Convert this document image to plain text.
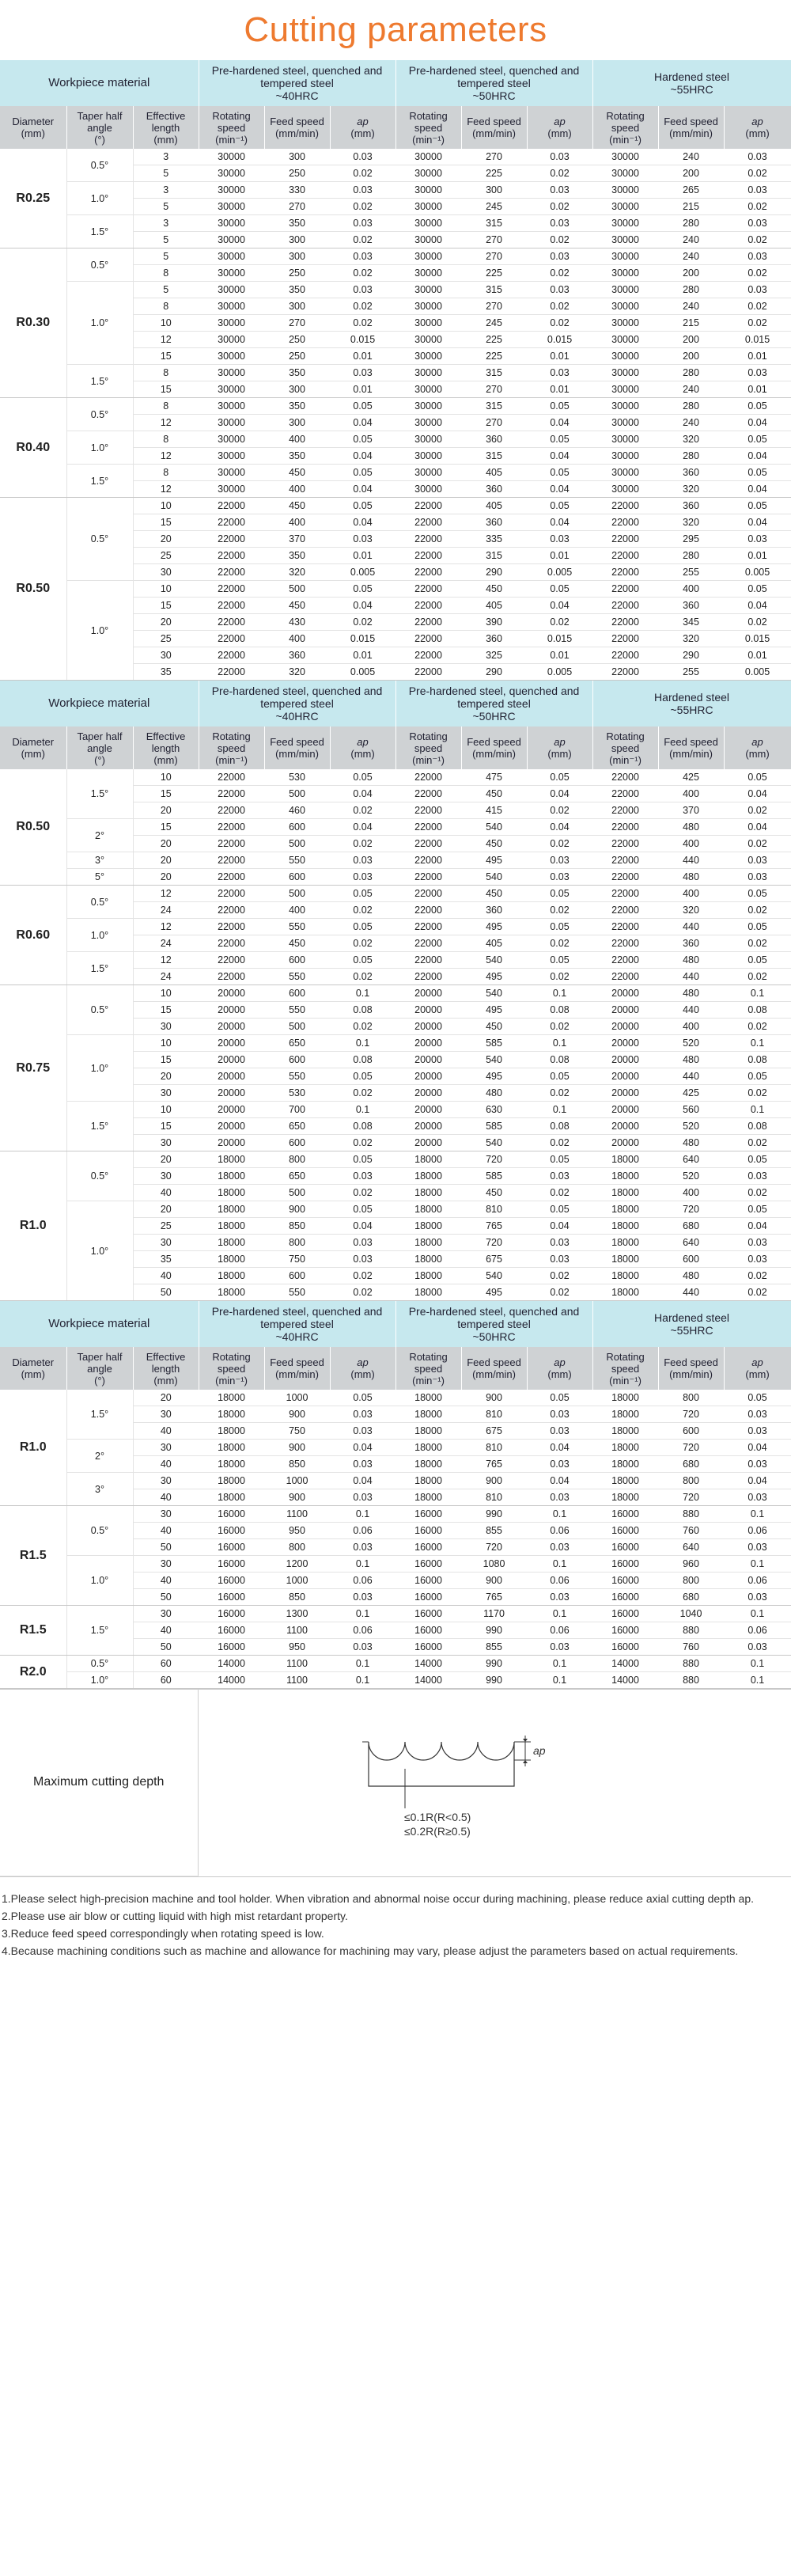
Cutting parameters
Workpiece material			Pre-hardened steel, quenched and
tempered steel
~40HRC			Pre-hardened steel, quenched and
tempered steel
~50HRC			Hardened steel
~55HRC		
Diameter
(mm)	Taper half
angle
(°)	Effective
length
(mm)	Rotating
speed
(min⁻¹)	Feed speed
(mm/min)	ap
(mm)	Rotating
speed
(min⁻¹)	Feed speed
(mm/min)	ap
(mm)	Rotating
speed
(min⁻¹)	Feed speed
(mm/min)	ap
(mm)
R0.25	0.5°	3	30000	300	0.03	30000	270	0.03	30000	240	0.03
		5	30000	250	0.02	30000	225	0.02	30000	200	0.02
	1.0°	3	30000	330	0.03	30000	300	0.03	30000	265	0.03
		5	30000	270	0.02	30000	245	0.02	30000	215	0.02
	1.5°	3	30000	350	0.03	30000	315	0.03	30000	280	0.03
		5	30000	300	0.02	30000	270	0.02	30000	240	0.02
R0.30	0.5°	5	30000	300	0.03	30000	270	0.03	30000	240	0.03
		8	30000	250	0.02	30000	225	0.02	30000	200	0.02
	1.0°	5	30000	350	0.03	30000	315	0.03	30000	280	0.03
		8	30000	300	0.02	30000	270	0.02	30000	240	0.02
		10	30000	270	0.02	30000	245	0.02	30000	215	0.02
		12	30000	250	0.015	30000	225	0.015	30000	200	0.015
		15	30000	250	0.01	30000	225	0.01	30000	200	0.01
	1.5°	8	30000	350	0.03	30000	315	0.03	30000	280	0.03
		15	30000	300	0.01	30000	270	0.01	30000	240	0.01
R0.40	0.5°	8	30000	350	0.05	30000	315	0.05	30000	280	0.05
		12	30000	300	0.04	30000	270	0.04	30000	240	0.04
	1.0°	8	30000	400	0.05	30000	360	0.05	30000	320	0.05
		12	30000	350	0.04	30000	315	0.04	30000	280	0.04
	1.5°	8	30000	450	0.05	30000	405	0.05	30000	360	0.05
		12	30000	400	0.04	30000	360	0.04	30000	320	0.04
R0.50	0.5°	10	22000	450	0.05	22000	405	0.05	22000	360	0.05
		15	22000	400	0.04	22000	360	0.04	22000	320	0.04
		20	22000	370	0.03	22000	335	0.03	22000	295	0.03
		25	22000	350	0.01	22000	315	0.01	22000	280	0.01
		30	22000	320	0.005	22000	290	0.005	22000	255	0.005
	1.0°	10	22000	500	0.05	22000	450	0.05	22000	400	0.05
		15	22000	450	0.04	22000	405	0.04	22000	360	0.04
		20	22000	430	0.02	22000	390	0.02	22000	345	0.02
		25	22000	400	0.015	22000	360	0.015	22000	320	0.015
		30	22000	360	0.01	22000	325	0.01	22000	290	0.01
		35	22000	320	0.005	22000	290	0.005	22000	255	0.005
Workpiece material			Pre-hardened steel, quenched and
tempered steel
~40HRC			Pre-hardened steel, quenched and
tempered steel
~50HRC			Hardened steel
~55HRC		
Diameter
(mm)	Taper half
angle
(°)	Effective
length
(mm)	Rotating
speed
(min⁻¹)	Feed speed
(mm/min)	ap
(mm)	Rotating
speed
(min⁻¹)	Feed speed
(mm/min)	ap
(mm)	Rotating
speed
(min⁻¹)	Feed speed
(mm/min)	ap
(mm)
R0.50	1.5°	10	22000	530	0.05	22000	475	0.05	22000	425	0.05
		15	22000	500	0.04	22000	450	0.04	22000	400	0.04
		20	22000	460	0.02	22000	415	0.02	22000	370	0.02
	2°	15	22000	600	0.04	22000	540	0.04	22000	480	0.04
		20	22000	500	0.02	22000	450	0.02	22000	400	0.02
	3°	20	22000	550	0.03	22000	495	0.03	22000	440	0.03
	5°	20	22000	600	0.03	22000	540	0.03	22000	480	0.03
R0.60	0.5°	12	22000	500	0.05	22000	450	0.05	22000	400	0.05
		24	22000	400	0.02	22000	360	0.02	22000	320	0.02
	1.0°	12	22000	550	0.05	22000	495	0.05	22000	440	0.05
		24	22000	450	0.02	22000	405	0.02	22000	360	0.02
	1.5°	12	22000	600	0.05	22000	540	0.05	22000	480	0.05
		24	22000	550	0.02	22000	495	0.02	22000	440	0.02
R0.75	0.5°	10	20000	600	0.1	20000	540	0.1	20000	480	0.1
		15	20000	550	0.08	20000	495	0.08	20000	440	0.08
		30	20000	500	0.02	20000	450	0.02	20000	400	0.02
	1.0°	10	20000	650	0.1	20000	585	0.1	20000	520	0.1
		15	20000	600	0.08	20000	540	0.08	20000	480	0.08
		20	20000	550	0.05	20000	495	0.05	20000	440	0.05
		30	20000	530	0.02	20000	480	0.02	20000	425	0.02
	1.5°	10	20000	700	0.1	20000	630	0.1	20000	560	0.1
		15	20000	650	0.08	20000	585	0.08	20000	520	0.08
		30	20000	600	0.02	20000	540	0.02	20000	480	0.02
R1.0	0.5°	20	18000	800	0.05	18000	720	0.05	18000	640	0.05
		30	18000	650	0.03	18000	585	0.03	18000	520	0.03
		40	18000	500	0.02	18000	450	0.02	18000	400	0.02
	1.0°	20	18000	900	0.05	18000	810	0.05	18000	720	0.05
		25	18000	850	0.04	18000	765	0.04	18000	680	0.04
		30	18000	800	0.03	18000	720	0.03	18000	640	0.03
		35	18000	750	0.03	18000	675	0.03	18000	600	0.03
		40	18000	600	0.02	18000	540	0.02	18000	480	0.02
		50	18000	550	0.02	18000	495	0.02	18000	440	0.02
Workpiece material			Pre-hardened steel, quenched and
tempered steel
~40HRC			Pre-hardened steel, quenched and
tempered steel
~50HRC			Hardened steel
~55HRC		
Diameter
(mm)	Taper half
angle
(°)	Effective
length
(mm)	Rotating
speed
(min⁻¹)	Feed speed
(mm/min)	ap
(mm)	Rotating
speed
(min⁻¹)	Feed speed
(mm/min)	ap
(mm)	Rotating
speed
(min⁻¹)	Feed speed
(mm/min)	ap
(mm)
R1.0	1.5°	20	18000	1000	0.05	18000	900	0.05	18000	800	0.05
		30	18000	900	0.03	18000	810	0.03	18000	720	0.03
		40	18000	750	0.03	18000	675	0.03	18000	600	0.03
	2°	30	18000	900	0.04	18000	810	0.04	18000	720	0.04
		40	18000	850	0.03	18000	765	0.03	18000	680	0.03
	3°	30	18000	1000	0.04	18000	900	0.04	18000	800	0.04
		40	18000	900	0.03	18000	810	0.03	18000	720	0.03
R1.5	0.5°	30	16000	1100	0.1	16000	990	0.1	16000	880	0.1
		40	16000	950	0.06	16000	855	0.06	16000	760	0.06
		50	16000	800	0.03	16000	720	0.03	16000	640	0.03
	1.0°	30	16000	1200	0.1	16000	1080	0.1	16000	960	0.1
		40	16000	1000	0.06	16000	900	0.06	16000	800	0.06
		50	16000	850	0.03	16000	765	0.03	16000	680	0.03
R1.5	1.5°	30	16000	1300	0.1	16000	1170	0.1	16000	1040	0.1
		40	16000	1100	0.06	16000	990	0.06	16000	880	0.06
		50	16000	950	0.03	16000	855	0.03	16000	760	0.03
R2.0	0.5°	60	14000	1100	0.1	14000	990	0.1	14000	880	0.1
	1.0°	60	14000	1100	0.1	14000	990	0.1	14000	880	0.1
Maximum cutting depth	
ap
≤0.1R(R<0.5)
≤0.2R(R≥0.5)

1.Please select high-precision machine and tool holder. When vibration and abnormal noise occur during machining, please reduce axial cutting depth ap.
2.Please use air blow or cutting liquid with high mist retardant property.
3.Reduce feed speed correspondingly when rotating speed is low.
4.Because machining conditions such as machine and allowance for machining may vary, please adjust the parameters based on actual requirements.
